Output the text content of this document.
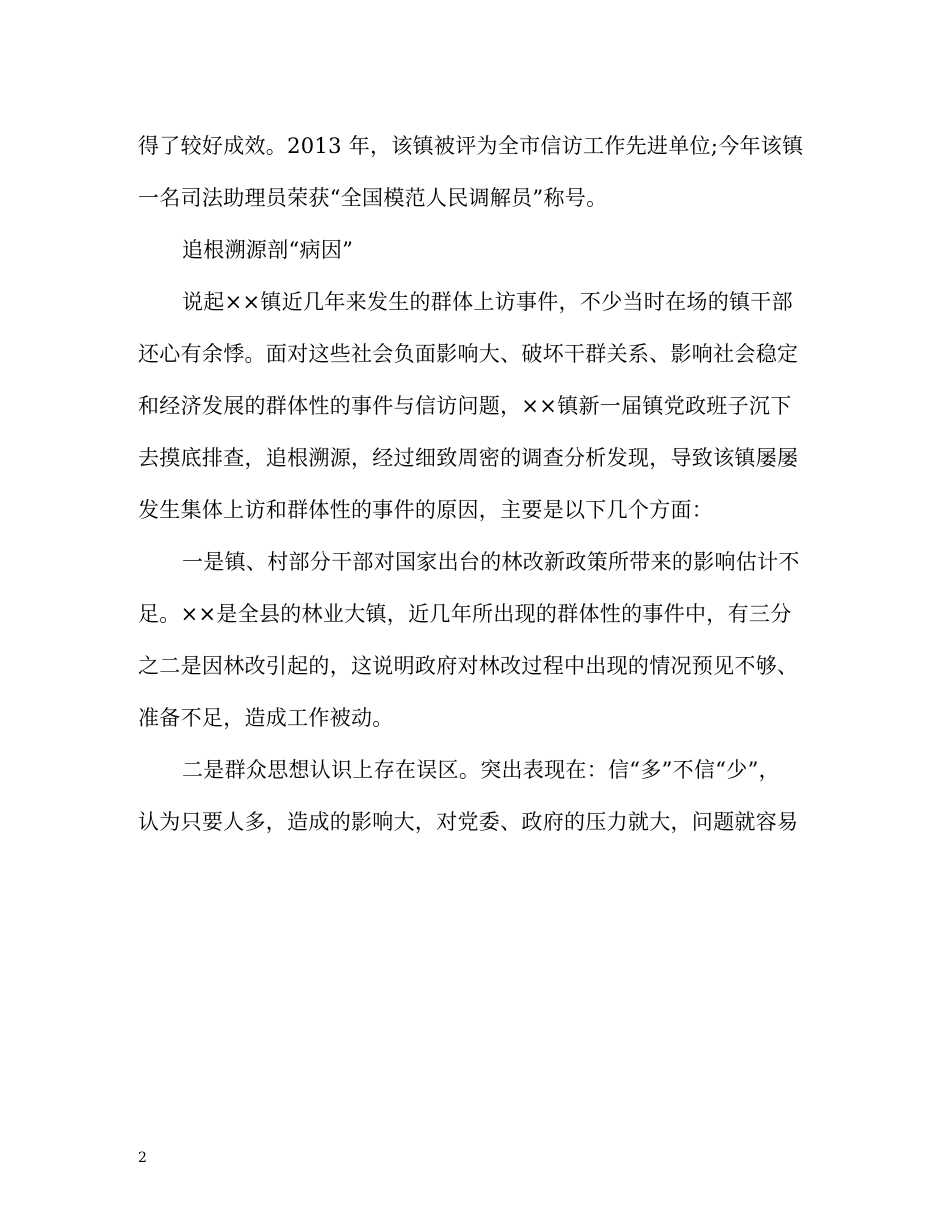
得了较好成效。2013 年，该镇被评为全市信访工作先进单位;今年该镇
一名司法助理员荣获“全国模范人民调解员”称号。
追根溯源剖“病因”
说起××镇近几年来发生的群体上访事件，不少当时在场的镇干部
还心有余悸。面对这些社会负面影响大、破坏干群关系、影响社会稳定
和经济发展的群体性的事件与信访问题，××镇新一届镇党政班子沉下
去摸底排查，追根溯源，经过细致周密的调查分析发现，导致该镇屡屡
发生集体上访和群体性的事件的原因，主要是以下几个方面：
一是镇、村部分干部对国家出台的林改新政策所带来的影响估计不
足。××是全县的林业大镇，近几年所出现的群体性的事件中，有三分
之二是因林改引起的，这说明政府对林改过程中出现的情况预见不够、
准备不足，造成工作被动。
二是群众思想认识上存在误区。突出表现在：信“多”不信“少”，
认为只要人多，造成的影响大，对党委、政府的压力就大，问题就容易
2
